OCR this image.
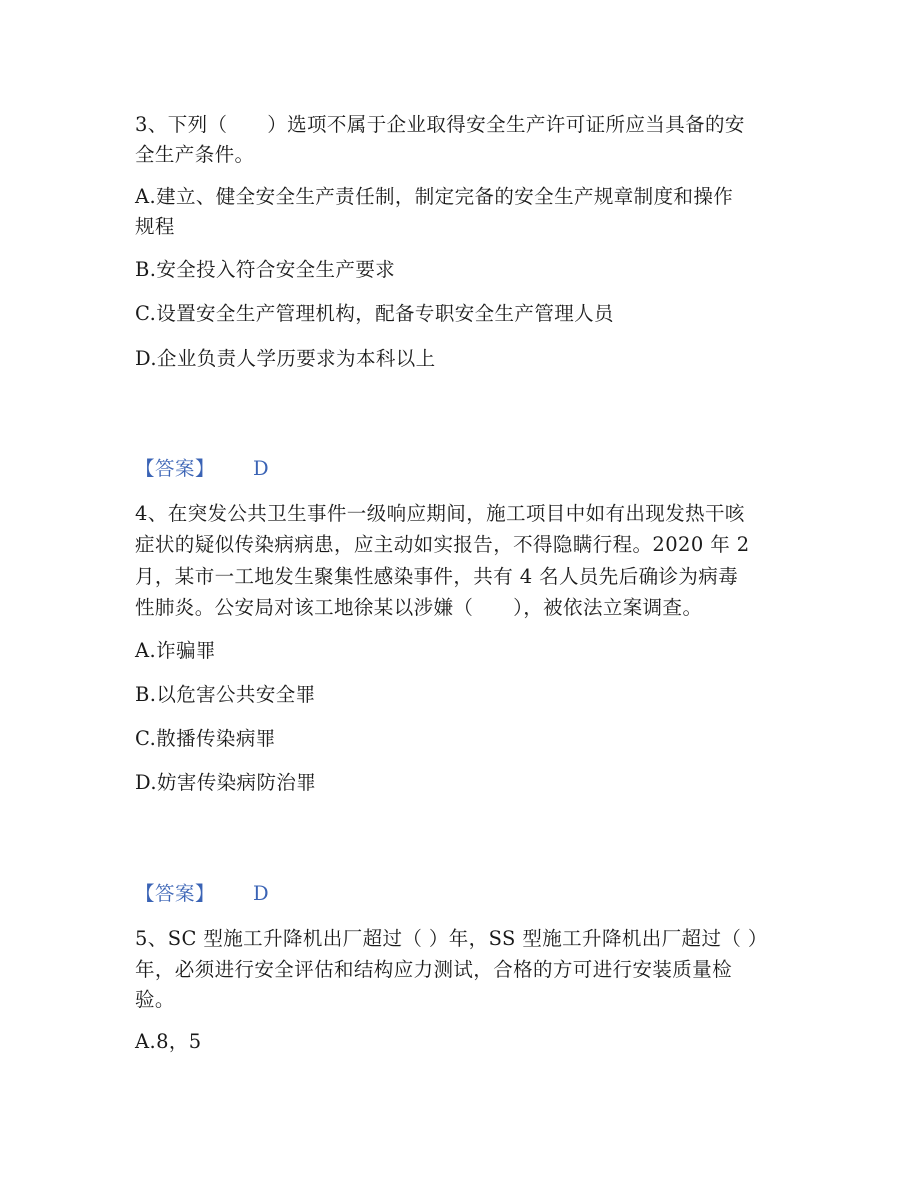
3、下列（　　）选项不属于企业取得安全生产许可证所应当具备的安
全生产条件。
A.建立、健全安全生产责任制，制定完备的安全生产规章制度和操作
规程
B.安全投入符合安全生产要求
C.设置安全生产管理机构，配备专职安全生产管理人员
D.企业负责人学历要求为本科以上
【答案】 D
4、在突发公共卫生事件一级响应期间，施工项目中如有出现发热干咳
症状的疑似传染病病患，应主动如实报告，不得隐瞒行程。2020 年 2
月，某市一工地发生聚集性感染事件，共有 4 名人员先后确诊为病毒
性肺炎。公安局对该工地徐某以涉嫌（　　），被依法立案调查。
A.诈骗罪
B.以危害公共安全罪
C.散播传染病罪
D.妨害传染病防治罪
【答案】 D
5、SC 型施工升降机出厂超过（ ）年，SS 型施工升降机出厂超过（ ）
年，必须进行安全评估和结构应力测试，合格的方可进行安装质量检
验。
A.8，5
